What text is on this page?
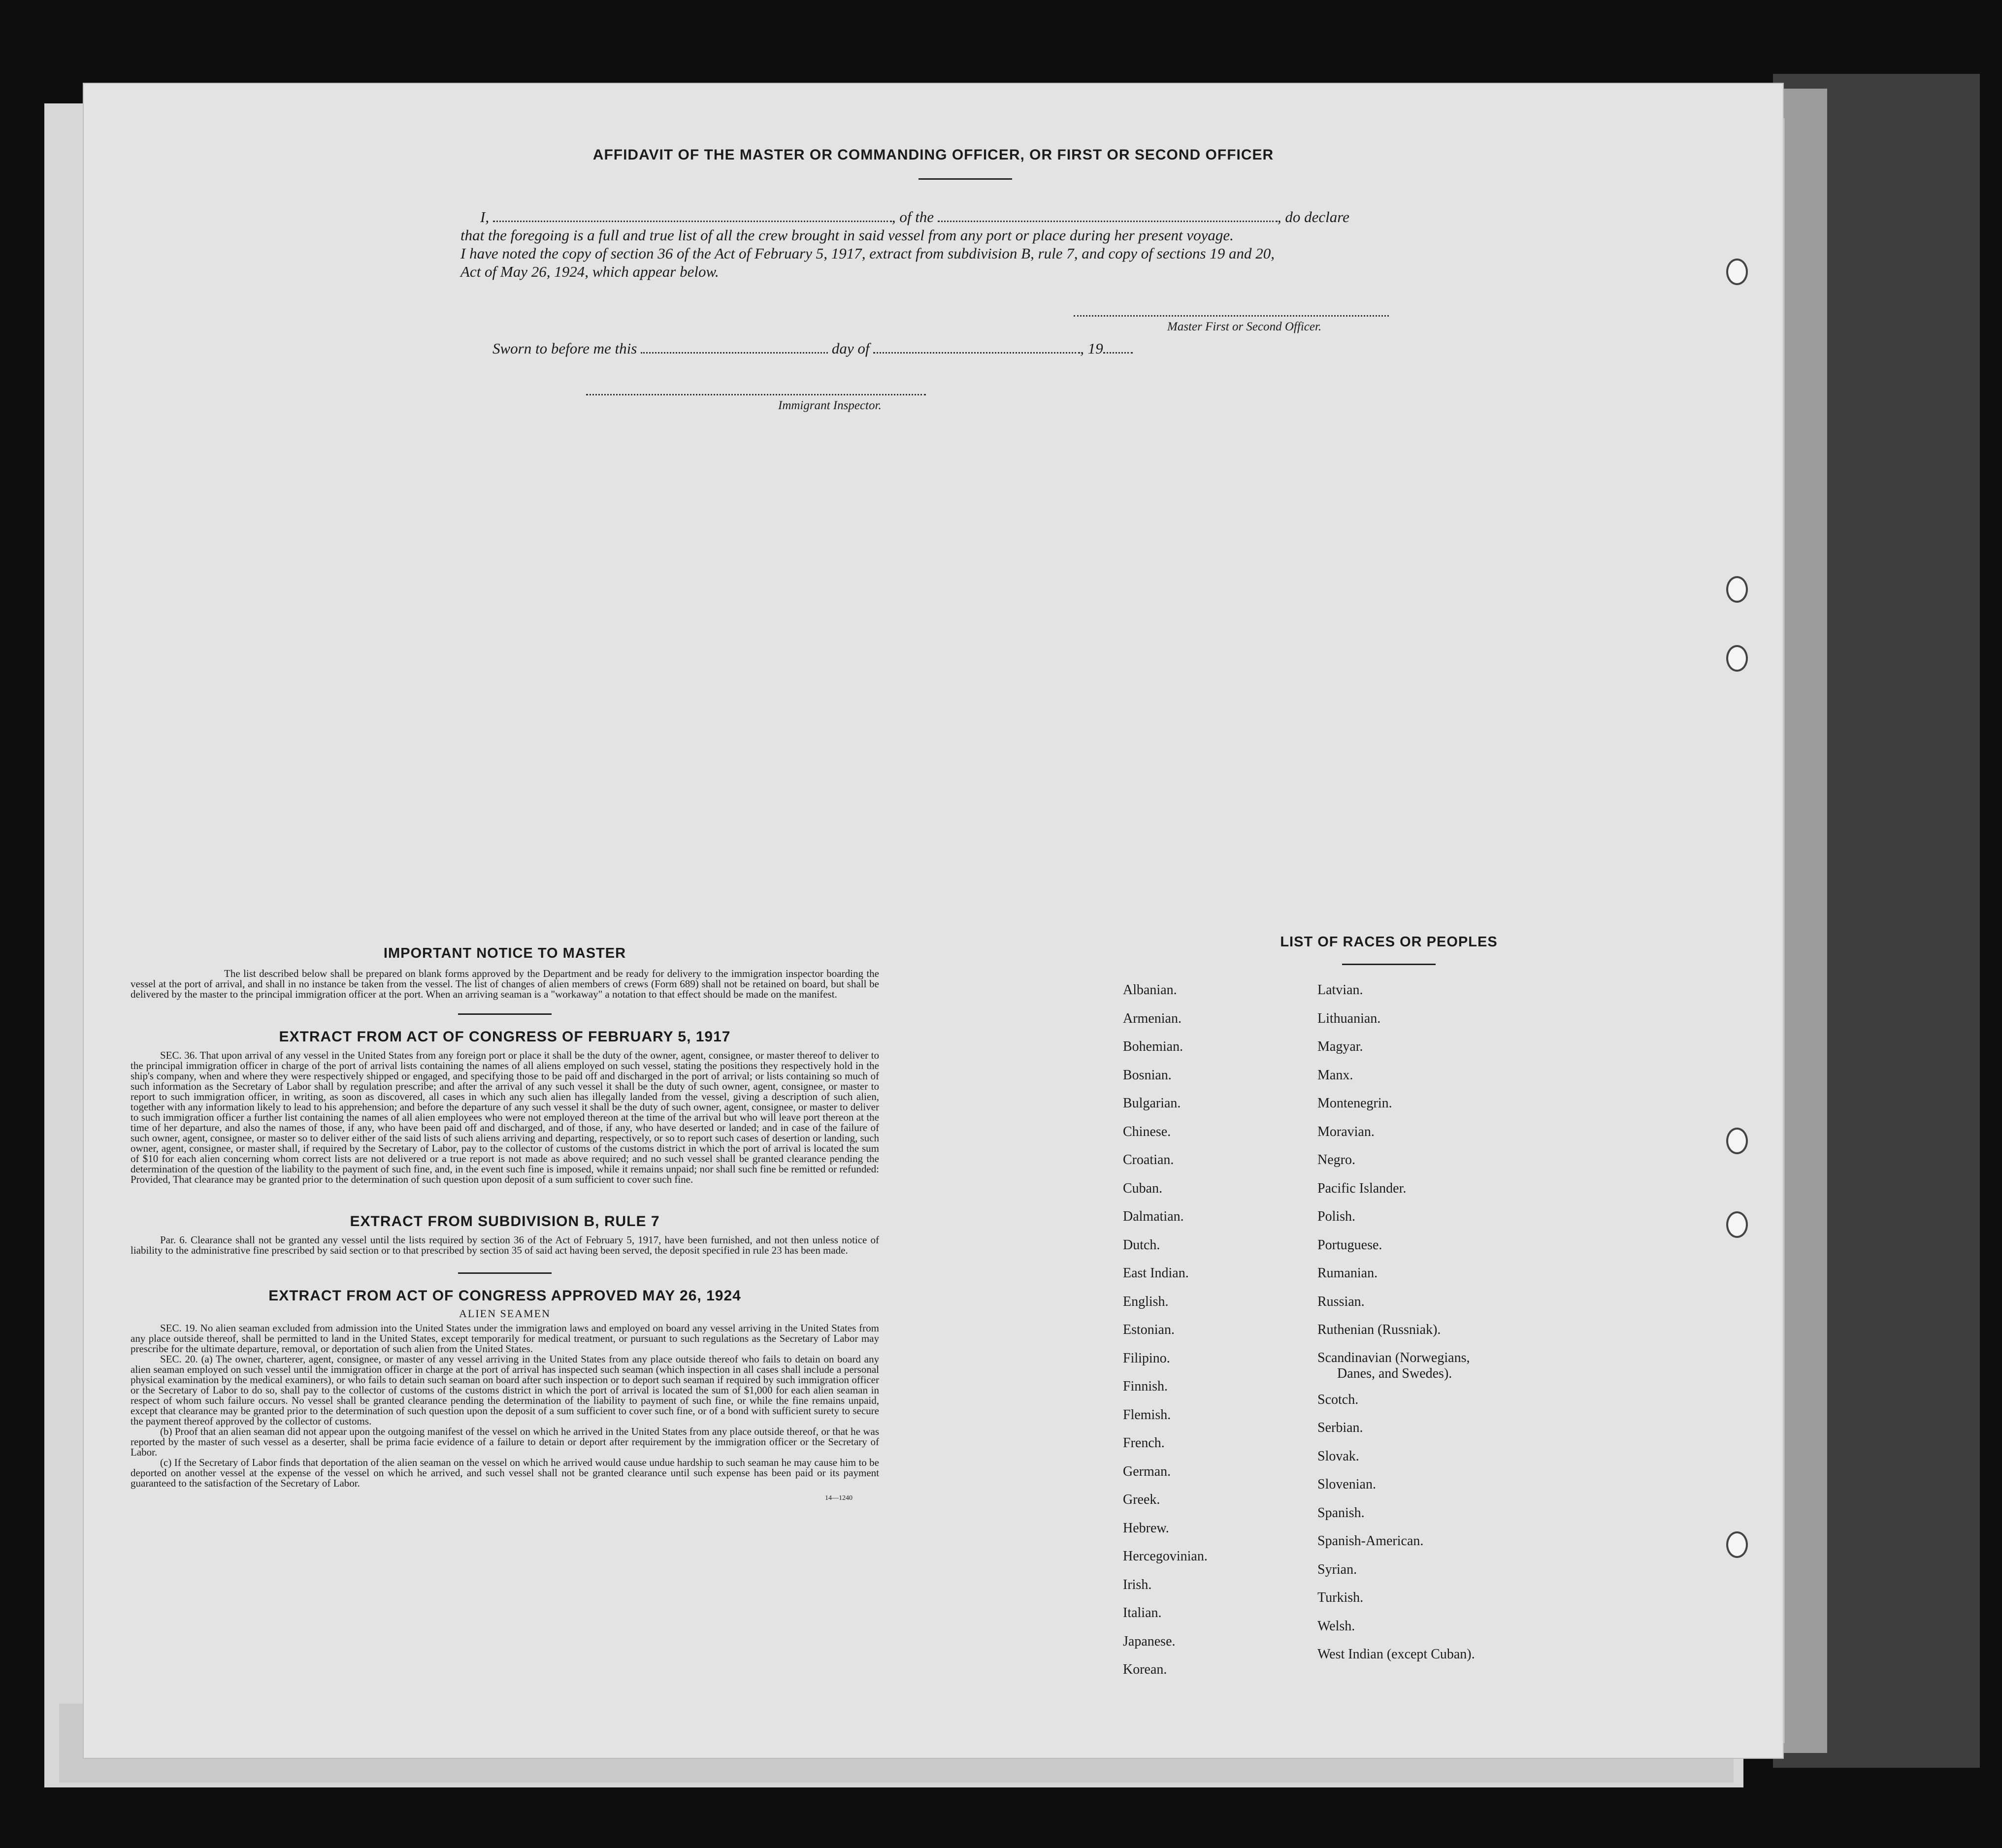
AFFIDAVIT OF THE MASTER OR COMMANDING OFFICER, OR FIRST OR SECOND OFFICER
I,	, of the	, do declare
that the foregoing is a full and true list of all the crew brought in said vessel from any port or place during her present voyage.
I have noted the copy of section 36 of the Act of February 5, 1917, extract from subdivision B, rule 7, and copy of sections 19 and 20,
Act of May 26, 1924, which appear below.
Master First or Second Officer.
Sworn to before me this	day of	, 19
Immigrant Inspector.
IMPORTANT NOTICE TO MASTER
The list described below shall be prepared on blank forms approved by the Department and be ready for delivery to the immigration inspector boarding the vessel at the port of arrival, and shall in no instance be taken from the vessel. The list of changes of alien members of crews (Form 689) shall not be retained on board, but shall be delivered by the master to the principal immigration officer at the port. When an arriving seaman is a "workaway" a notation to that effect should be made on the manifest.
EXTRACT FROM ACT OF CONGRESS OF FEBRUARY 5, 1917
SEC. 36. That upon arrival of any vessel in the United States from any foreign port or place it shall be the duty of the owner, agent, consignee, or master thereof to deliver to the principal immigration officer in charge of the port of arrival lists containing the names of all aliens employed on such vessel, stating the positions they respectively hold in the ship's company, when and where they were respectively shipped or engaged, and specifying those to be paid off and discharged in the port of arrival; or lists containing so much of such information as the Secretary of Labor shall by regulation prescribe; and after the arrival of any such vessel it shall be the duty of such owner, agent, consignee, or master to report to such immigration officer, in writing, as soon as discovered, all cases in which any such alien has illegally landed from the vessel, giving a description of such alien, together with any information likely to lead to his apprehension; and before the departure of any such vessel it shall be the duty of such owner, agent, consignee, or master to deliver to such immigration officer a further list containing the names of all alien employees who were not employed thereon at the time of the arrival but who will leave port thereon at the time of her departure, and also the names of those, if any, who have been paid off and discharged, and of those, if any, who have deserted or landed; and in case of the failure of such owner, agent, consignee, or master so to deliver either of the said lists of such aliens arriving and departing, respectively, or so to report such cases of desertion or landing, such owner, agent, consignee, or master shall, if required by the Secretary of Labor, pay to the collector of customs of the customs district in which the port of arrival is located the sum of $10 for each alien concerning whom correct lists are not delivered or a true report is not made as above required; and no such vessel shall be granted clearance pending the determination of the question of the liability to the payment of such fine, and, in the event such fine is imposed, while it remains unpaid; nor shall such fine be remitted or refunded: Provided, That clearance may be granted prior to the determination of such question upon deposit of a sum sufficient to cover such fine.
EXTRACT FROM SUBDIVISION B, RULE 7
Par. 6. Clearance shall not be granted any vessel until the lists required by section 36 of the Act of February 5, 1917, have been furnished, and not then unless notice of liability to the administrative fine prescribed by said section or to that prescribed by section 35 of said act having been served, the deposit specified in rule 23 has been made.
EXTRACT FROM ACT OF CONGRESS APPROVED MAY 26, 1924
ALIEN SEAMEN
SEC. 19. No alien seaman excluded from admission into the United States under the immigration laws and employed on board any vessel arriving in the United States from any place outside thereof, shall be permitted to land in the United States, except temporarily for medical treatment, or pursuant to such regulations as the Secretary of Labor may prescribe for the ultimate departure, removal, or deportation of such alien from the United States.
SEC. 20. (a) The owner, charterer, agent, consignee, or master of any vessel arriving in the United States from any place outside thereof who fails to detain on board any alien seaman employed on such vessel until the immigration officer in charge at the port of arrival has inspected such seaman (which inspection in all cases shall include a personal physical examination by the medical examiners), or who fails to detain such seaman on board after such inspection or to deport such seaman if required by such immigration officer or the Secretary of Labor to do so, shall pay to the collector of customs of the customs district in which the port of arrival is located the sum of $1,000 for each alien seaman in respect of whom such failure occurs. No vessel shall be granted clearance pending the determination of the liability to payment of such fine, or while the fine remains unpaid, except that clearance may be granted prior to the determination of such question upon the deposit of a sum sufficient to cover such fine, or of a bond with sufficient surety to secure the payment thereof approved by the collector of customs.
(b) Proof that an alien seaman did not appear upon the outgoing manifest of the vessel on which he arrived in the United States from any place outside thereof, or that he was reported by the master of such vessel as a deserter, shall be prima facie evidence of a failure to detain or deport after requirement by the immigration officer or the Secretary of Labor.
(c) If the Secretary of Labor finds that deportation of the alien seaman on the vessel on which he arrived would cause undue hardship to such seaman he may cause him to be deported on another vessel at the expense of the vessel on which he arrived, and such vessel shall not be granted clearance until such expense has been paid or its payment guaranteed to the satisfaction of the Secretary of Labor.
14—1240
LIST OF RACES OR PEOPLES
Albanian.
Armenian.
Bohemian.
Bosnian.
Bulgarian.
Chinese.
Croatian.
Cuban.
Dalmatian.
Dutch.
East Indian.
English.
Estonian.
Filipino.
Finnish.
Flemish.
French.
German.
Greek.
Hebrew.
Hercegovinian.
Irish.
Italian.
Japanese.
Korean.
Latvian.
Lithuanian.
Magyar.
Manx.
Montenegrin.
Moravian.
Negro.
Pacific Islander.
Polish.
Portuguese.
Rumanian.
Russian.
Ruthenian (Russniak).
Scandinavian (Norwegians,
Danes, and Swedes).
Scotch.
Serbian.
Slovak.
Slovenian.
Spanish.
Spanish-American.
Syrian.
Turkish.
Welsh.
West Indian (except Cuban).
